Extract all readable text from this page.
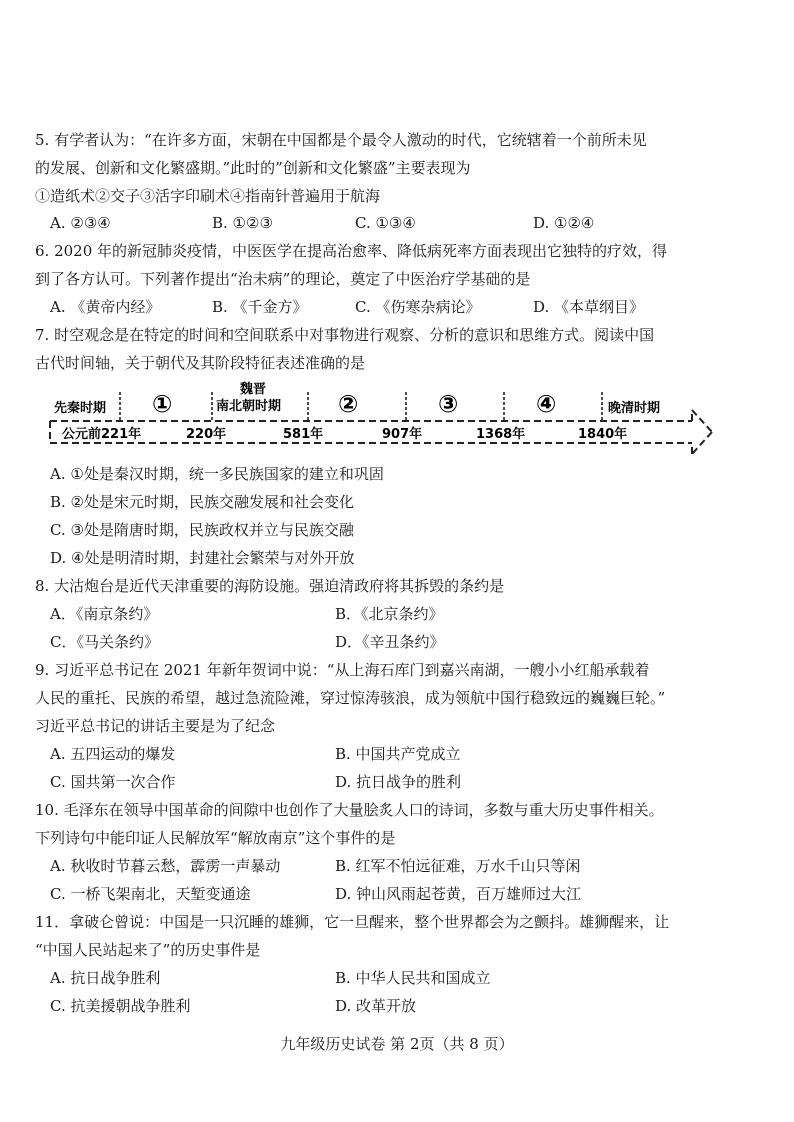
5. 有学者认为：“在许多方面，宋朝在中国都是个最令人激动的时代，它统辖着一个前所未见
的发展、创新和文化繁盛期。”此时的”创新和文化繁盛”主要表现为
①造纸术②交子③活字印刷术④指南针普遍用于航海
A. ②③④	B. ①②③	C. ①③④	D. ①②④
6. 2020 年的新冠肺炎疫情，中医医学在提高治愈率、降低病死率方面表现出它独特的疗效，得
到了各方认可。下列著作提出“治未病”的理论，奠定了中医治疗学基础的是
A. 《黄帝内经》	B. 《千金方》	C. 《伤寒杂病论》	D. 《本草纲目》
7. 时空观念是在特定的时间和空间联系中对事物进行观察、分析的意识和思维方式。阅读中国
古代时间轴，关于朝代及其阶段特征表述准确的是
先秦时期 ①
魏晋
南北朝时期 ②	③	④	晚清时期
公元前221年	220年	581年	907年	1368年	1840年
A. ①处是秦汉时期，统一多民族国家的建立和巩固
B. ②处是宋元时期，民族交融发展和社会变化
C. ③处是隋唐时期，民族政权并立与民族交融
D. ④处是明清时期，封建社会繁荣与对外开放
8. 大沽炮台是近代天津重要的海防设施。强迫清政府将其拆毁的条约是
A．《南京条约》	B．《北京条约》
C．《马关条约》	D．《辛丑条约》
9. 习近平总书记在 2021 年新年贺词中说：“从上海石库门到嘉兴南湖，一艘小小红船承载着
人民的重托、民族的希望，越过急流险滩，穿过惊涛骇浪，成为领航中国行稳致远的巍巍巨轮。”
习近平总书记的讲话主要是为了纪念
A. 五四运动的爆发	B. 中国共产党成立
C. 国共第一次合作	D. 抗日战争的胜利
10. 毛泽东在领导中国革命的间隙中也创作了大量脍炙人口的诗词，多数与重大历史事件相关。
下列诗句中能印证人民解放军“解放南京”这个事件的是
A. 秋收时节暮云愁，霹雳一声暴动	B. 红军不怕远征难，万水千山只等闲
C. 一桥飞架南北，天堑变通途	D. 钟山风雨起苍黄，百万雄师过大江
11．拿破仑曾说：中国是一只沉睡的雄狮，它一旦醒来，整个世界都会为之颤抖。雄狮醒来，让
“中国人民站起来了”的历史事件是
A. 抗日战争胜利	B. 中华人民共和国成立
C. 抗美援朝战争胜利	D. 改革开放
九年级历史试卷 第 2页（共 8 页）
